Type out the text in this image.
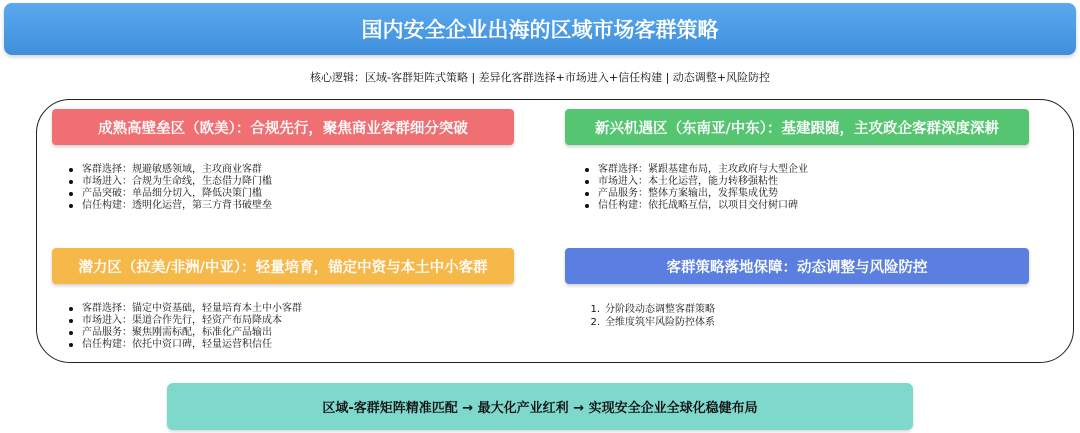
国内安全企业出海的区域市场客群策略
核心逻辑：区域-客群矩阵式策略 | 差异化客群选择+市场进入+信任构建 | 动态调整+风险防控
成熟高壁垒区（欧美）：合规先行，聚焦商业客群细分突破
客群选择：规避敏感领域，主攻商业客群
市场进入：合规为生命线，生态借力降门槛
产品突破：单品细分切入，降低决策门槛
信任构建：透明化运营，第三方背书破壁垒
新兴机遇区（东南亚/中东）：基建跟随，主攻政企客群深度深耕
客群选择：紧跟基建布局，主攻政府与大型企业
市场进入：本土化运营，能力转移强粘性
产品服务：整体方案输出，发挥集成优势
信任构建：依托战略互信，以项目交付树口碑
潜力区（拉美/非洲/中亚）：轻量培育，锚定中资与本土中小客群
客群选择：锚定中资基础，轻量培育本土中小客群
市场进入：渠道合作先行，轻资产布局降成本
产品服务：聚焦刚需标配，标准化产品输出
信任构建：依托中资口碑，轻量运营积信任
客群策略落地保障：动态调整与风险防控
1. 分阶段动态调整客群策略
2. 全维度筑牢风险防控体系
区域-客群矩阵精准匹配 → 最大化产业红利 → 实现安全企业全球化稳健布局
